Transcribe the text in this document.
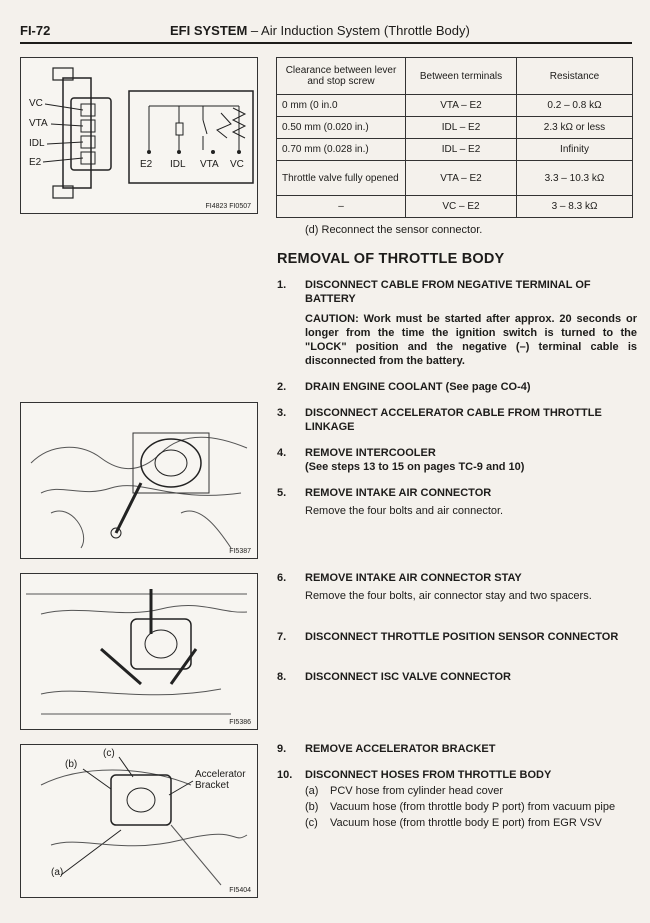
FI-72	EFI SYSTEM – Air Induction System (Throttle Body)
VC
VTA
IDL
E2	E2 IDL VTA VC
FI4823 FI0507
Clearance between lever and stop screw	Between terminals	Resistance
0 mm (0 in.0	VTA – E2	0.2 – 0.8 kΩ
0.50 mm (0.020 in.)	IDL – E2	2.3 kΩ or less
0.70 mm (0.028 in.)	IDL – E2	Infinity
Throttle valve fully opened	VTA – E2	3.3 – 10.3 kΩ
–	VC – E2	3 – 8.3 kΩ
(d) Reconnect the sensor connector.
REMOVAL OF THROTTLE BODY
1. DISCONNECT CABLE FROM NEGATIVE TERMINAL OF BATTERY
CAUTION: Work must be started after approx. 20 seconds or longer from the time the ignition switch is turned to the "LOCK" position and the negative (–) terminal cable is disconnected from the battery.
2. DRAIN ENGINE COOLANT (See page CO-4)
3. DISCONNECT ACCELERATOR CABLE FROM THROTTLE LINKAGE
4. REMOVE INTERCOOLER
(See steps 13 to 15 on pages TC-9 and 10)
5. REMOVE INTAKE AIR CONNECTOR
Remove the four bolts and air connector.
6. REMOVE INTAKE AIR CONNECTOR STAY
Remove the four bolts, air connector stay and two spacers.
7. DISCONNECT THROTTLE POSITION SENSOR CONNECTOR
8. DISCONNECT ISC VALVE CONNECTOR
9. REMOVE ACCELERATOR BRACKET
10. DISCONNECT HOSES FROM THROTTLE BODY
(a) PCV hose from cylinder head cover
(b) Vacuum hose (from throttle body P port) from vacuum pipe
(c) Vacuum hose (from throttle body E port) from EGR VSV
FI5387
FI5386
(c)
(b)
Accelerator Bracket
(a)
FI5404
